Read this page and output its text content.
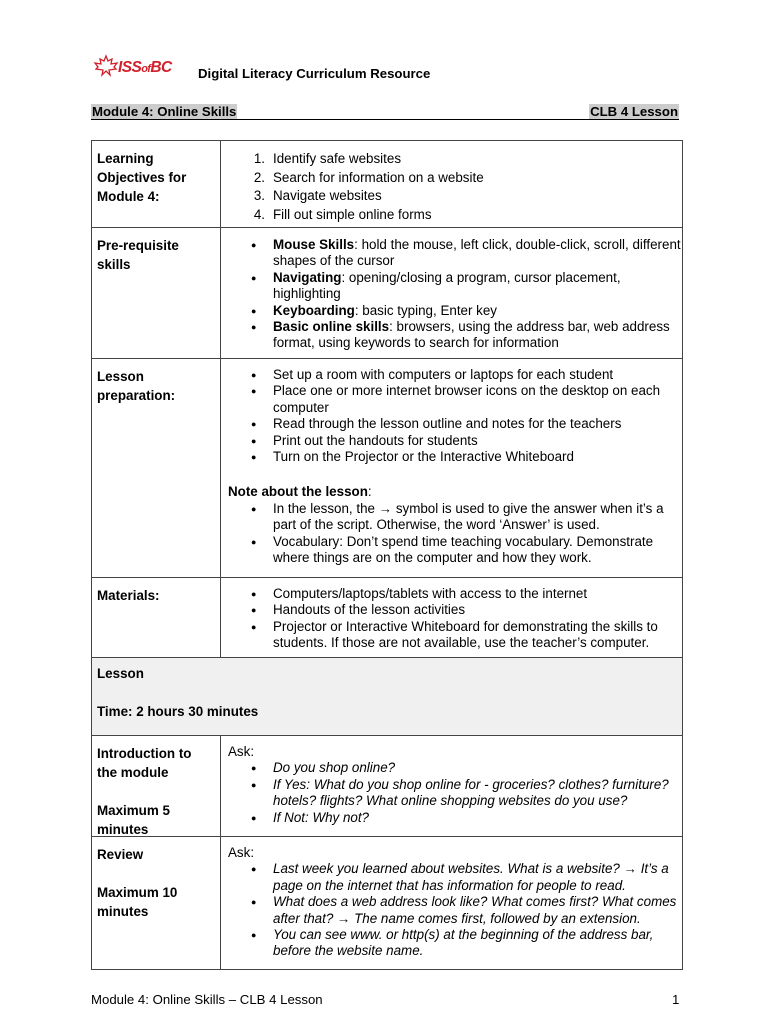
ISSofBC Digital Literacy Curriculum Resource
Module 4: Online Skills	CLB 4 Lesson
Learning
Objectives for
Module 4:
1. Identify safe websites
2. Search for information on a website
3. Navigate websites
4. Fill out simple online forms
Pre-requisite
skills
● Mouse Skills: hold the mouse, left click, double-click, scroll, different shapes of the cursor
● Navigating: opening/closing a program, cursor placement, highlighting
● Keyboarding: basic typing, Enter key
● Basic online skills: browsers, using the address bar, web address format, using keywords to search for information
Lesson
preparation:
● Set up a room with computers or laptops for each student
● Place one or more internet browser icons on the desktop on each computer
● Read through the lesson outline and notes for the teachers
● Print out the handouts for students
● Turn on the Projector or the Interactive Whiteboard
Note about the lesson:
● In the lesson, the → symbol is used to give the answer when it’s a part of the script. Otherwise, the word ‘Answer’ is used.
● Vocabulary: Don’t spend time teaching vocabulary. Demonstrate where things are on the computer and how they work.
Materials:
●	Computers/laptops/tablets with access to the internet
● Handouts of the lesson activities
● Projector or Interactive Whiteboard for demonstrating the skills to students. If those are not available, use the teacher’s computer.
Lesson
Time: 2 hours 30 minutes
Introduction to
the module
Maximum 5
minutes
Ask:
● Do you shop online?
● If Yes: What do you shop online for - groceries? clothes? furniture? hotels? flights? What online shopping websites do you use?
● If Not: Why not?
Review
Maximum 10
minutes
Ask:
● Last week you learned about websites. What is a website? → It’s a page on the internet that has information for people to read.
● What does a web address look like? What comes first? What comes after that? → The name comes first, followed by an extension.
● You can see www. or http(s) at the beginning of the address bar, before the website name.
Module 4: Online Skills – CLB 4 Lesson	1
